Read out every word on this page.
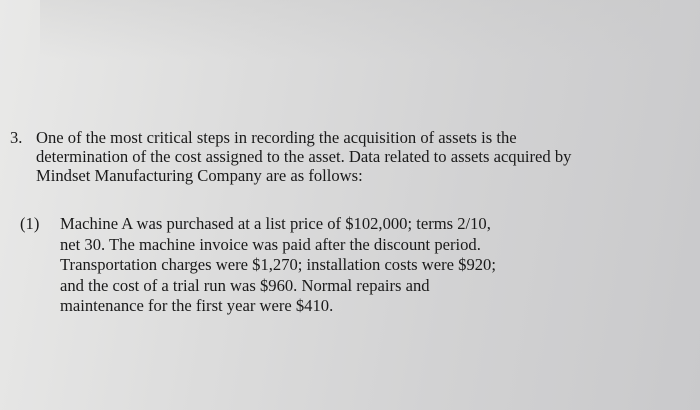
3. One of the most critical steps in recording the acquisition of assets is the
determination of the cost assigned to the asset. Data related to assets acquired by
Mindset Manufacturing Company are as follows:
(1) Machine A was purchased at a list price of $102,000; terms 2/10,
net 30. The machine invoice was paid after the discount period.
Transportation charges were $1,270; installation costs were $920;
and the cost of a trial run was $960. Normal repairs and
maintenance for the first year were $410.
